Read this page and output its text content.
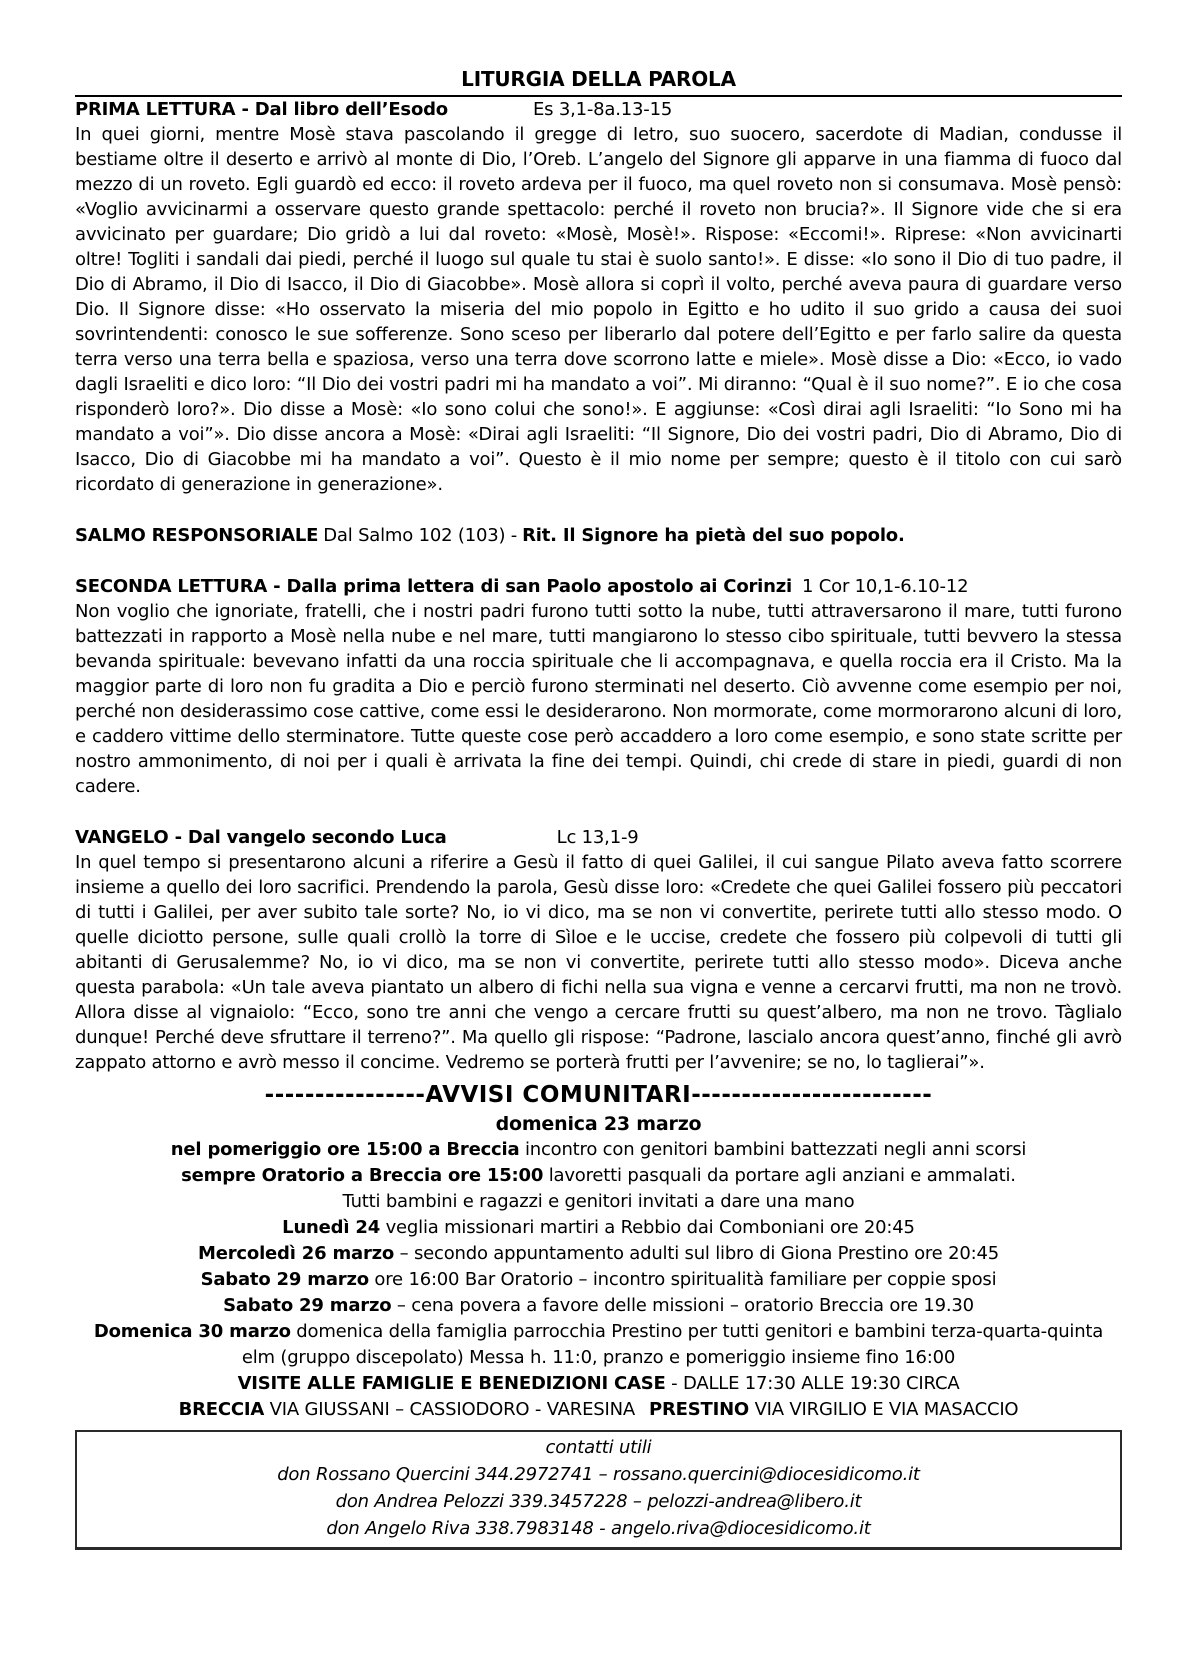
LITURGIA DELLA PAROLA
PRIMA LETTURA - Dal libro dell’Esodo	Es 3,1-8a.13-15

In quei giorni, mentre Mosè stava pascolando il gregge di Ietro, suo suocero, sacerdote di Madian, condusse il bestiame oltre il deserto e arrivò al monte di Dio, l’Oreb. L’angelo del Signore gli apparve in una fiamma di fuoco dal mezzo di un roveto. Egli guardò ed ecco: il roveto ardeva per il fuoco, ma quel roveto non si consumava. Mosè pensò: «Voglio avvicinarmi a osservare questo grande spettacolo: perché il roveto non brucia?». Il Signore vide che si era avvicinato per guardare; Dio gridò a lui dal roveto: «Mosè, Mosè!». Rispose: «Eccomi!». Riprese: «Non avvicinarti oltre! Togliti i sandali dai piedi, perché il luogo sul quale tu stai è suolo santo!». E disse: «Io sono il Dio di tuo padre, il Dio di Abramo, il Dio di Isacco, il Dio di Giacobbe». Mosè allora si coprì il volto, perché aveva paura di guardare verso Dio. Il Signore disse: «Ho osservato la miseria del mio popolo in Egitto e ho udito il suo grido a causa dei suoi sovrintendenti: conosco le sue sofferenze. Sono sceso per liberarlo dal potere dell’Egitto e per farlo salire da questa terra verso una terra bella e spaziosa, verso una terra dove scorrono latte e miele». Mosè disse a Dio: «Ecco, io vado dagli Israeliti e dico loro: “Il Dio dei vostri padri mi ha mandato a voi”. Mi diranno: “Qual è il suo nome?”. E io che cosa risponderò loro?». Dio disse a Mosè: «Io sono colui che sono!». E aggiunse: «Così dirai agli Israeliti: “Io Sono mi ha mandato a voi”». Dio disse ancora a Mosè: «Dirai agli Israeliti: “Il Signore, Dio dei vostri padri, Dio di Abramo, Dio di Isacco, Dio di Giacobbe mi ha mandato a voi”. Questo è il mio nome per sempre; questo è il titolo con cui sarò ricordato di generazione in generazione».

SALMO RESPONSORIALE Dal Salmo 102 (103) - Rit. Il Signore ha pietà del suo popolo.
SECONDA LETTURA - Dalla prima lettera di san Paolo apostolo ai Corinzi 1 Cor 10,1-6.10-12

Non voglio che ignoriate, fratelli, che i nostri padri furono tutti sotto la nube, tutti attraversarono il mare, tutti furono battezzati in rapporto a Mosè nella nube e nel mare, tutti mangiarono lo stesso cibo spirituale, tutti bevvero la stessa bevanda spirituale: bevevano infatti da una roccia spirituale che li accompagnava, e quella roccia era il Cristo. Ma la maggior parte di loro non fu gradita a Dio e perciò furono sterminati nel deserto. Ciò avvenne come esempio per noi, perché non desiderassimo cose cattive, come essi le desiderarono. Non mormorate, come mormorarono alcuni di loro, e caddero vittime dello sterminatore. Tutte queste cose però accaddero a loro come esempio, e sono state scritte per nostro ammonimento, di noi per i quali è arrivata la fine dei tempi. Quindi, chi crede di stare in piedi, guardi di non cadere.

VANGELO - Dal vangelo secondo Luca	Lc 13,1-9

In quel tempo si presentarono alcuni a riferire a Gesù il fatto di quei Galilei, il cui sangue Pilato aveva fatto scorrere insieme a quello dei loro sacrifici. Prendendo la parola, Gesù disse loro: «Credete che quei Galilei fossero più peccatori di tutti i Galilei, per aver subito tale sorte? No, io vi dico, ma se non vi convertite, perirete tutti allo stesso modo. O quelle diciotto persone, sulle quali crollò la torre di Sìloe e le uccise, credete che fossero più colpevoli di tutti gli abitanti di Gerusalemme? No, io vi dico, ma se non vi convertite, perirete tutti allo stesso modo». Diceva anche questa parabola: «Un tale aveva piantato un albero di fichi nella sua vigna e venne a cercarvi frutti, ma non ne trovò. Allora disse al vignaiolo: “Ecco, sono tre anni che vengo a cercare frutti su quest’albero, ma non ne trovo. Tàglialo dunque! Perché deve sfruttare il terreno?”. Ma quello gli rispose: “Padrone, lascialo ancora quest’anno, finché gli avrò zappato attorno e avrò messo il concime. Vedremo se porterà frutti per l’avvenire; se no, lo taglierai”».

----------------AVVISI COMUNITARI------------------------
domenica 23 marzo
nel pomeriggio ore 15:00 a Breccia incontro con genitori bambini battezzati negli anni scorsi
sempre Oratorio a Breccia ore 15:00 lavoretti pasquali da portare agli anziani e ammalati.
Tutti bambini e ragazzi e genitori invitati a dare una mano
Lunedì 24 veglia missionari martiri a Rebbio dai Comboniani ore 20:45
Mercoledì 26 marzo – secondo appuntamento adulti sul libro di Giona Prestino ore 20:45
Sabato 29 marzo ore 16:00 Bar Oratorio – incontro spiritualità familiare per coppie sposi
Sabato 29 marzo – cena povera a favore delle missioni – oratorio Breccia ore 19.30
Domenica 30 marzo domenica della famiglia parrocchia Prestino per tutti genitori e bambini terza-quarta-quinta elm (gruppo discepolato) Messa h. 11:0, pranzo e pomeriggio insieme fino 16:00
VISITE ALLE FAMIGLIE E BENEDIZIONI CASE - DALLE 17:30 ALLE 19:30 CIRCA
BRECCIA VIA GIUSSANI – CASSIODORO - VARESINA PRESTINO VIA VIRGILIO E VIA MASACCIO
contatti utili
don Rossano Quercini 344.2972741 – rossano.quercini@diocesidicomo.it
don Andrea Pelozzi 339.3457228 – pelozzi-andrea@libero.it
don Angelo Riva 338.7983148 - angelo.riva@diocesidicomo.it
